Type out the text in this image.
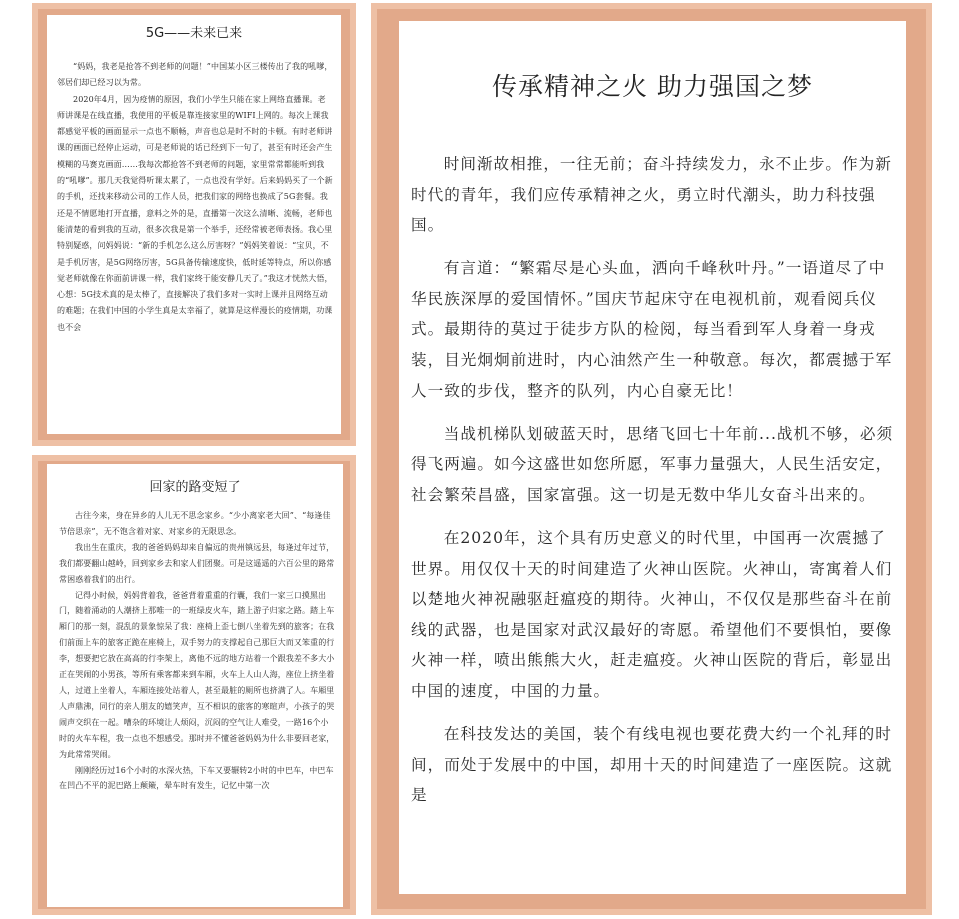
5G——未来已来

“妈妈，我老是抢答不到老师的问题！”中国某小区三楼传出了我的吼嗲，邻居们却已经习以为常。

2020年4月，因为疫情的原因，我们小学生只能在家上网络直播课。老师讲课是在线直播，我使用的平板是靠连接家里的WIFI上网的。每次上课我都感觉平板的画面显示一点也不顺畅，声音也总是时不时的卡顿。有时老师讲课的画面已经停止运动，可是老师说的话已经到下一句了，甚至有时还会产生模糊的马赛克画面……我每次都抢答不到老师的问题，家里常常都能听到我的“吼嗲”。那几天我觉得听课太累了，一点也没有学好。后来妈妈买了一个新的手机，还找来移动公司的工作人员，把我们家的网络也换成了5G套餐。我还是不情愿地打开直播，意料之外的是，直播第一次这么清晰、流畅，老师也能清楚的看到我的互动，很多次我是第一个举手，还经常被老师表扬。我心里特别疑惑，问妈妈说：“新的手机怎么这么厉害呀？”妈妈笑着说：“宝贝，不是手机厉害，是5G网络厉害，5G具备传输速度快，低时延等特点，所以你感觉老师就像在你面前讲课一样，我们家终于能安静几天了。”我这才恍然大悟，心想：5G技术真的是太棒了，直接解决了我们多对一实时上课并且网络互动的难题；在我们中国的小学生真是太幸福了，就算是这样漫长的疫情期，功课也不会

回家的路变短了

古往今来，身在异乡的人儿无不思念家乡。“少小离家老大回”、“每逢佳节倍思亲”，无不饱含着对家、对家乡的无限思念。

我出生在重庆，我的爸爸妈妈却来自偏远的贵州镇远县，每逢过年过节，我们都要翻山越岭，回到家乡去和家人们团聚。可是这遥遥的六百公里的路常常困惑着我们的出行。

记得小时候，妈妈背着我，爸爸背着重重的行囊，我们一家三口摸黑出门，随着涌动的人潮挤上那唯一的一班绿皮火车，踏上游子归家之路。踏上车厢门的那一刻，混乱的景象惊呆了我：座椅上歪七倒八坐着先到的旅客；在我们前面上车的旅客正跪在座椅上，双手努力的支撑起自己那巨大而又笨重的行李，想要把它放在高高的行李架上，离他不远的地方站着一个跟我差不多大小正在哭闹的小男孩，等所有乘客都来到车厢，火车上人山人海，座位上挤坐着人，过道上坐着人，车厢连接处站着人，甚至最脏的厕所也挤满了人。车厢里人声鼎沸，同行的亲人朋友的嬉笑声，互不相识的旅客的寒暄声，小孩子的哭闹声交织在一起。嘈杂的环境让人烦闷，沉闷的空气让人难受，一路16个小时的火车车程，我一点也不想感受。那时并不懂爸爸妈妈为什么非要回老家，为此常常哭闹。

刚刚经历过16个小时的水深火热，下车又要辗转2小时的中巴车，中巴车在凹凸不平的泥巴路上颠簸，晕车时有发生，记忆中第一次

传承精神之火 助力强国之梦

时间渐故相推，一往无前；奋斗持续发力，永不止步。作为新时代的青年，我们应传承精神之火，勇立时代潮头，助力科技强国。

有言道：“繁霜尽是心头血，洒向千峰秋叶丹。”一语道尽了中华民族深厚的爱国情怀。”国庆节起床守在电视机前，观看阅兵仪式。最期待的莫过于徒步方队的检阅，每当看到军人身着一身戎装，目光炯炯前进时，内心油然产生一种敬意。每次，都震撼于军人一致的步伐，整齐的队列，内心自豪无比！

当战机梯队划破蓝天时，思绪飞回七十年前...战机不够，必须得飞两遍。如今这盛世如您所愿，军事力量强大，人民生活安定，社会繁荣昌盛，国家富强。这一切是无数中华儿女奋斗出来的。

在2020年，这个具有历史意义的时代里，中国再一次震撼了世界。用仅仅十天的时间建造了火神山医院。火神山，寄寓着人们以楚地火神祝融驱赶瘟疫的期待。火神山，不仅仅是那些奋斗在前线的武器，也是国家对武汉最好的寄愿。希望他们不要惧怕，要像火神一样，喷出熊熊大火，赶走瘟疫。火神山医院的背后，彰显出中国的速度，中国的力量。

在科技发达的美国，装个有线电视也要花费大约一个礼拜的时间，而处于发展中的中国，却用十天的时间建造了一座医院。这就是
